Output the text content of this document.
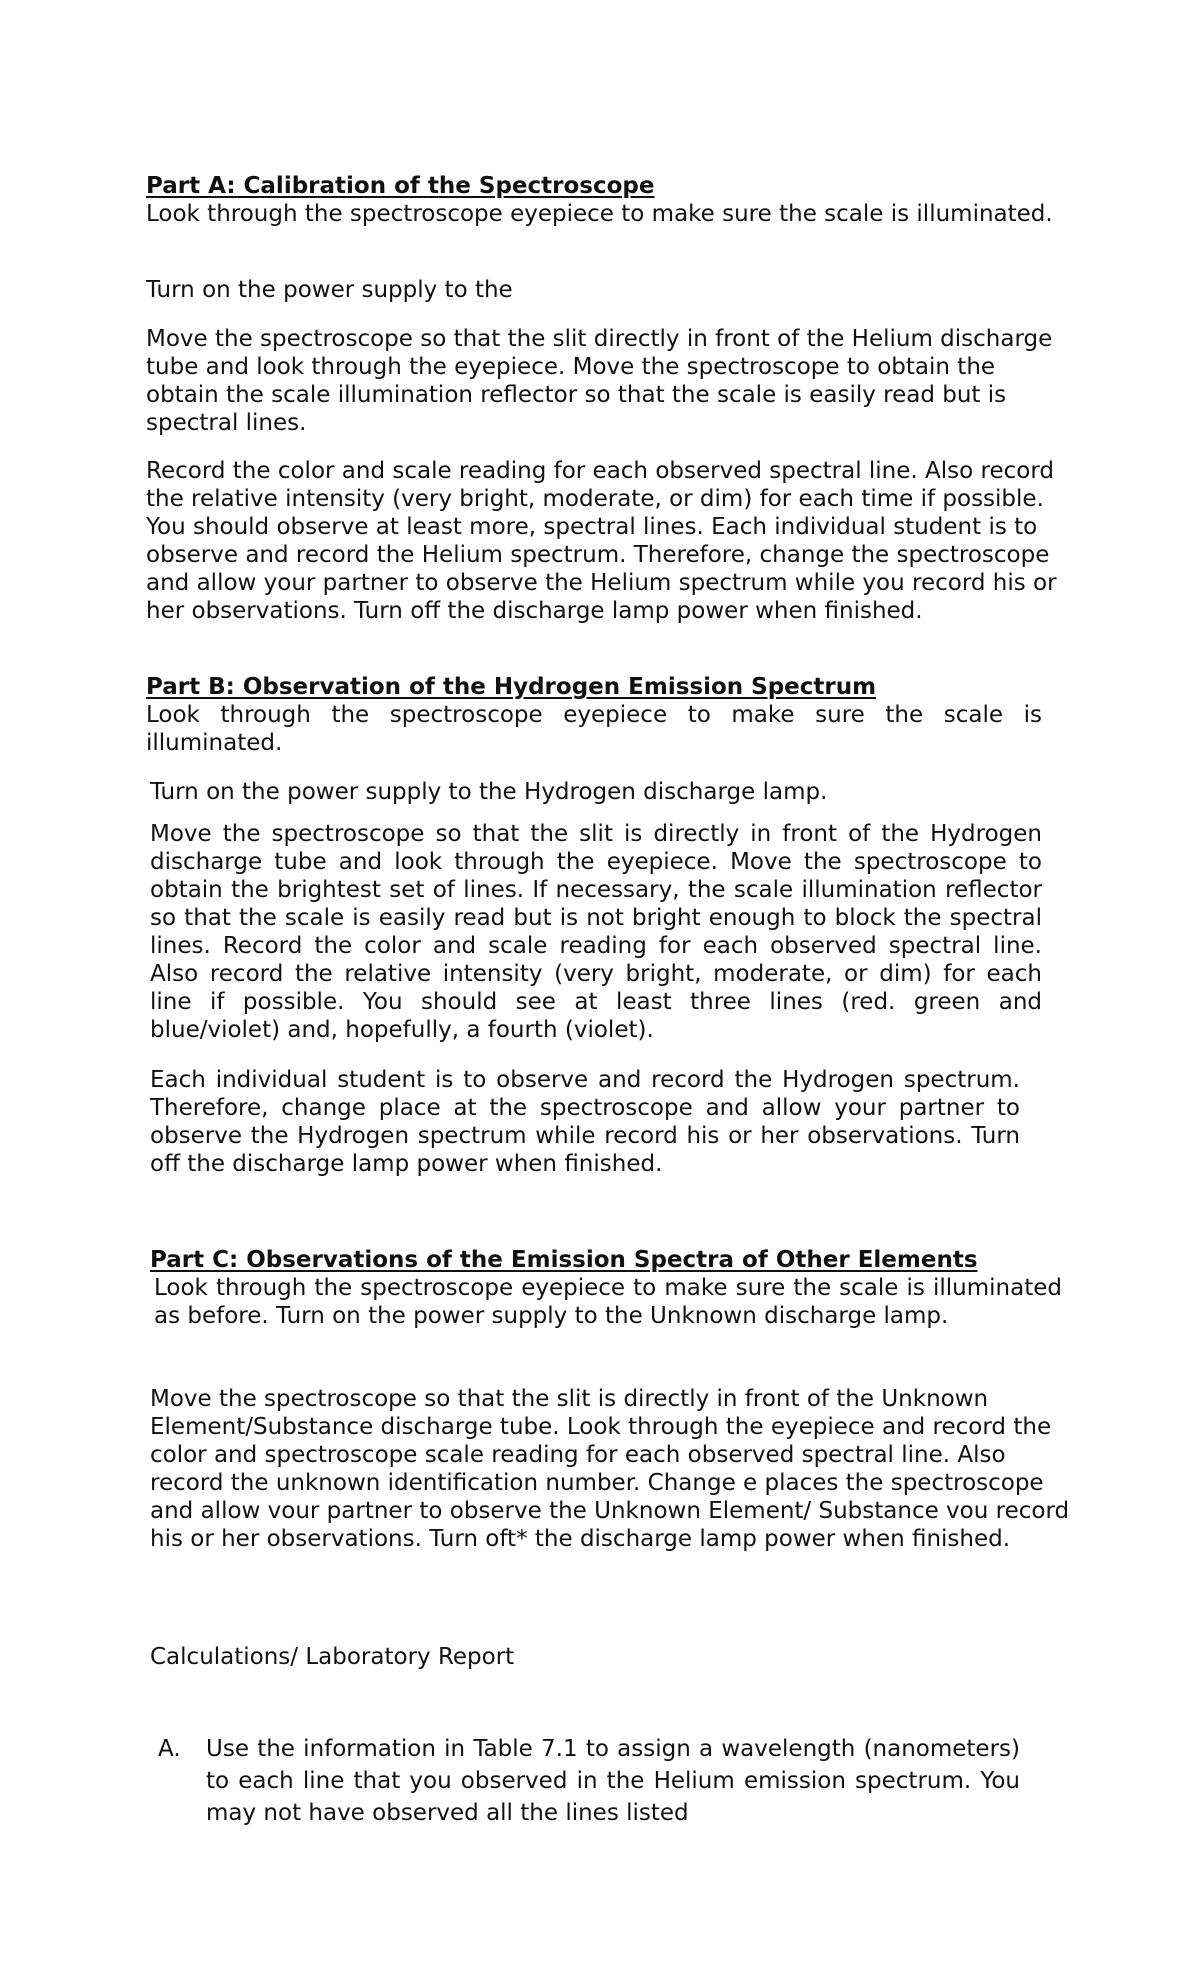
Part A: Calibration of the Spectroscope

Look through the spectroscope eyepiece to make sure the scale is illuminated.

Turn on the power supply to the

Move the spectroscope so that the slit directly in front of the Helium discharge tube and look through the eyepiece. Move the spectroscope to obtain the obtain the scale illumination reflector so that the scale is easily read but is spectral lines.

Record the color and scale reading for each observed spectral line. Also record the relative intensity (very bright, moderate, or dim) for each time if possible. You should observe at least more, spectral lines. Each individual student is to observe and record the Helium spectrum. Therefore, change the spectroscope and allow your partner to observe the Helium spectrum while you record his or her observations. Turn off the discharge lamp power when finished.

Part B: Observation of the Hydrogen Emission Spectrum

Look through the spectroscope eyepiece to make sure the scale is illuminated.

Turn on the power supply to the Hydrogen discharge lamp.

Move the spectroscope so that the slit is directly in front of the Hydrogen discharge tube and look through the eyepiece. Move the spectroscope to obtain the brightest set of lines. If necessary, the scale illumination reflector so that the scale is easily read but is not bright enough to block the spectral lines. Record the color and scale reading for each observed spectral line. Also record the relative intensity (very bright, moderate, or dim) for each line if possible. You should see at least three lines (red. green and blue/violet) and, hopefully, a fourth (violet).

Each individual student is to observe and record the Hydrogen spectrum. Therefore, change place at the spectroscope and allow your partner to observe the Hydrogen spectrum while record his or her observations. Turn off the discharge lamp power when finished.

Part C: Observations of the Emission Spectra of Other Elements

Look through the spectroscope eyepiece to make sure the scale is illuminated as before. Turn on the power supply to the Unknown discharge lamp.

Move the spectroscope so that the slit is directly in front of the Unknown Element/Substance discharge tube. Look through the eyepiece and record the color and spectroscope scale reading for each observed spectral line. Also record the unknown identification number. Change e places the spectroscope and allow vour partner to observe the Unknown Element/ Substance vou record his or her observations. Turn oft* the discharge lamp power when finished.

Calculations/ Laboratory Report

A. Use the information in Table 7.1 to assign a wavelength (nanometers) to each line that you observed in the Helium emission spectrum. You may not have observed all the lines listed
